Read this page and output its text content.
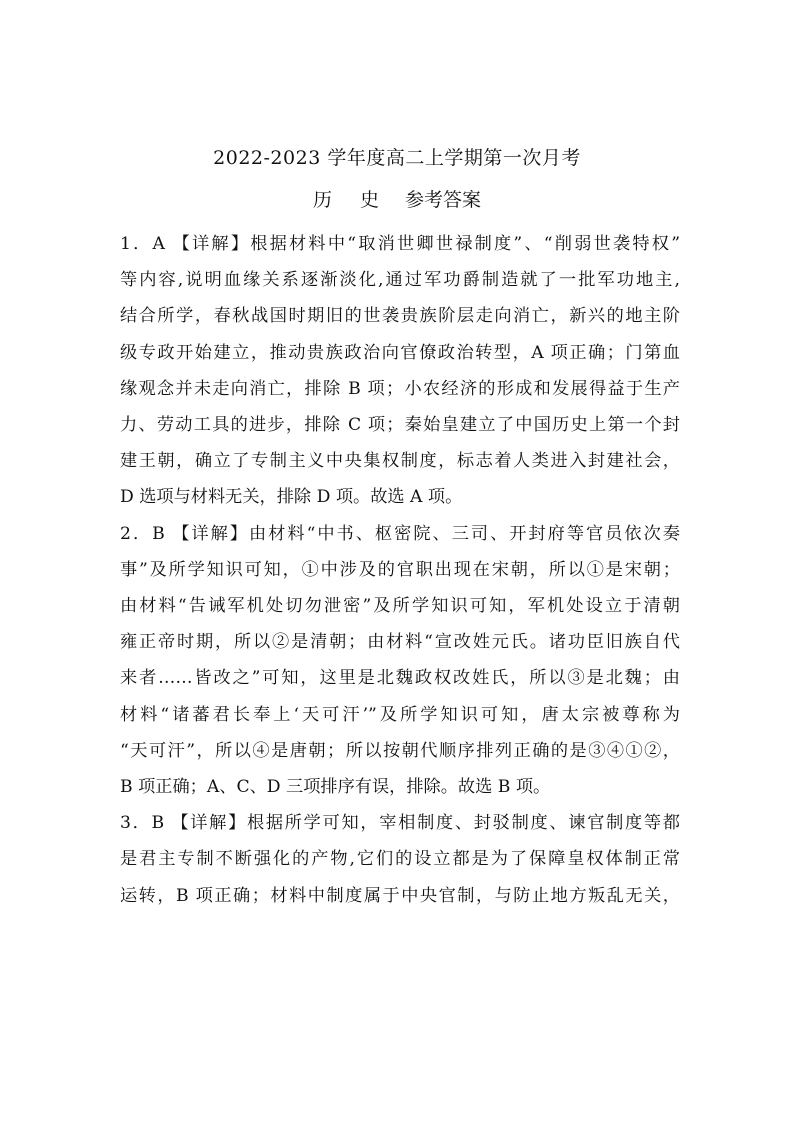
2022-2023 学年度高二上学期第一次月考
历 史 参考答案
1．A 【详解】根据材料中“取消世卿世禄制度”、“削弱世袭特权”
等内容,说明血缘关系逐渐淡化,通过军功爵制造就了一批军功地主,
结合所学，春秋战国时期旧的世袭贵族阶层走向消亡，新兴的地主阶
级专政开始建立，推动贵族政治向官僚政治转型，A 项正确；门第血
缘观念并未走向消亡，排除 B 项；小农经济的形成和发展得益于生产
力、劳动工具的进步，排除 C 项；秦始皇建立了中国历史上第一个封
建王朝，确立了专制主义中央集权制度，标志着人类进入封建社会，
D 选项与材料无关，排除 D 项。故选 A 项。
2．B 【详解】由材料“中书、枢密院、三司、开封府等官员依次奏
事”及所学知识可知，①中涉及的官职出现在宋朝，所以①是宋朝；
由材料“告诫军机处切勿泄密”及所学知识可知，军机处设立于清朝
雍正帝时期，所以②是清朝；由材料“宣改姓元氏。诸功臣旧族自代
来者……皆改之”可知，这里是北魏政权改姓氏，所以③是北魏；由
材料“诸蕃君长奉上‘天可汗’”及所学知识可知，唐太宗被尊称为
“天可汗”，所以④是唐朝；所以按朝代顺序排列正确的是③④①②，
B 项正确；A、C、D 三项排序有误，排除。故选 B 项。
3．B 【详解】根据所学可知，宰相制度、封驳制度、谏官制度等都
是君主专制不断强化的产物,它们的设立都是为了保障皇权体制正常
运转，B 项正确；材料中制度属于中央官制，与防止地方叛乱无关，
